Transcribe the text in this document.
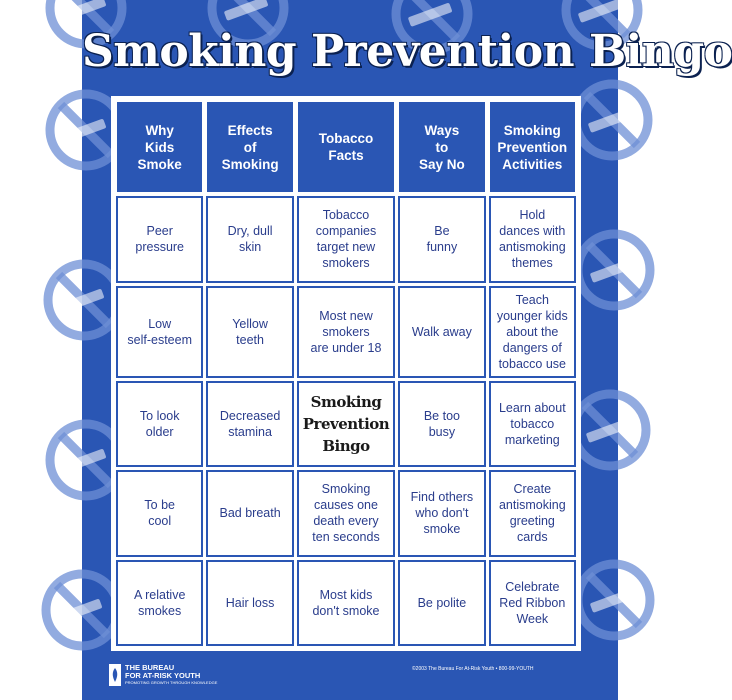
Smoking Prevention Bingo
Why
Kids
Smoke
Effects
of
Smoking
Tobacco
Facts
Ways
to
Say No
Smoking
Prevention
Activities
Peer
pressure
Dry, dull
skin
Tobacco
companies
target new
smokers
Be
funny
Hold
dances with
antismoking
themes
Low
self-esteem
Yellow
teeth
Most new
smokers
are under 18
Walk away
Teach
younger kids
about the
dangers of
tobacco use
To look
older
Decreased
stamina
Smoking
Prevention
Bingo
Be too
busy
Learn about
tobacco
marketing
To be
cool
Bad breath
Smoking
causes one
death every
ten seconds
Find others
who don't
smoke
Create
antismoking
greeting
cards
A relative
smokes
Hair loss
Most kids
don't smoke
Be polite
Celebrate
Red Ribbon
Week
THE BUREAU
FOR AT-RISK YOUTH
PROMOTING GROWTH THROUGH KNOWLEDGE
©2003 The Bureau For At-Risk Youth • 800-99-YOUTH
